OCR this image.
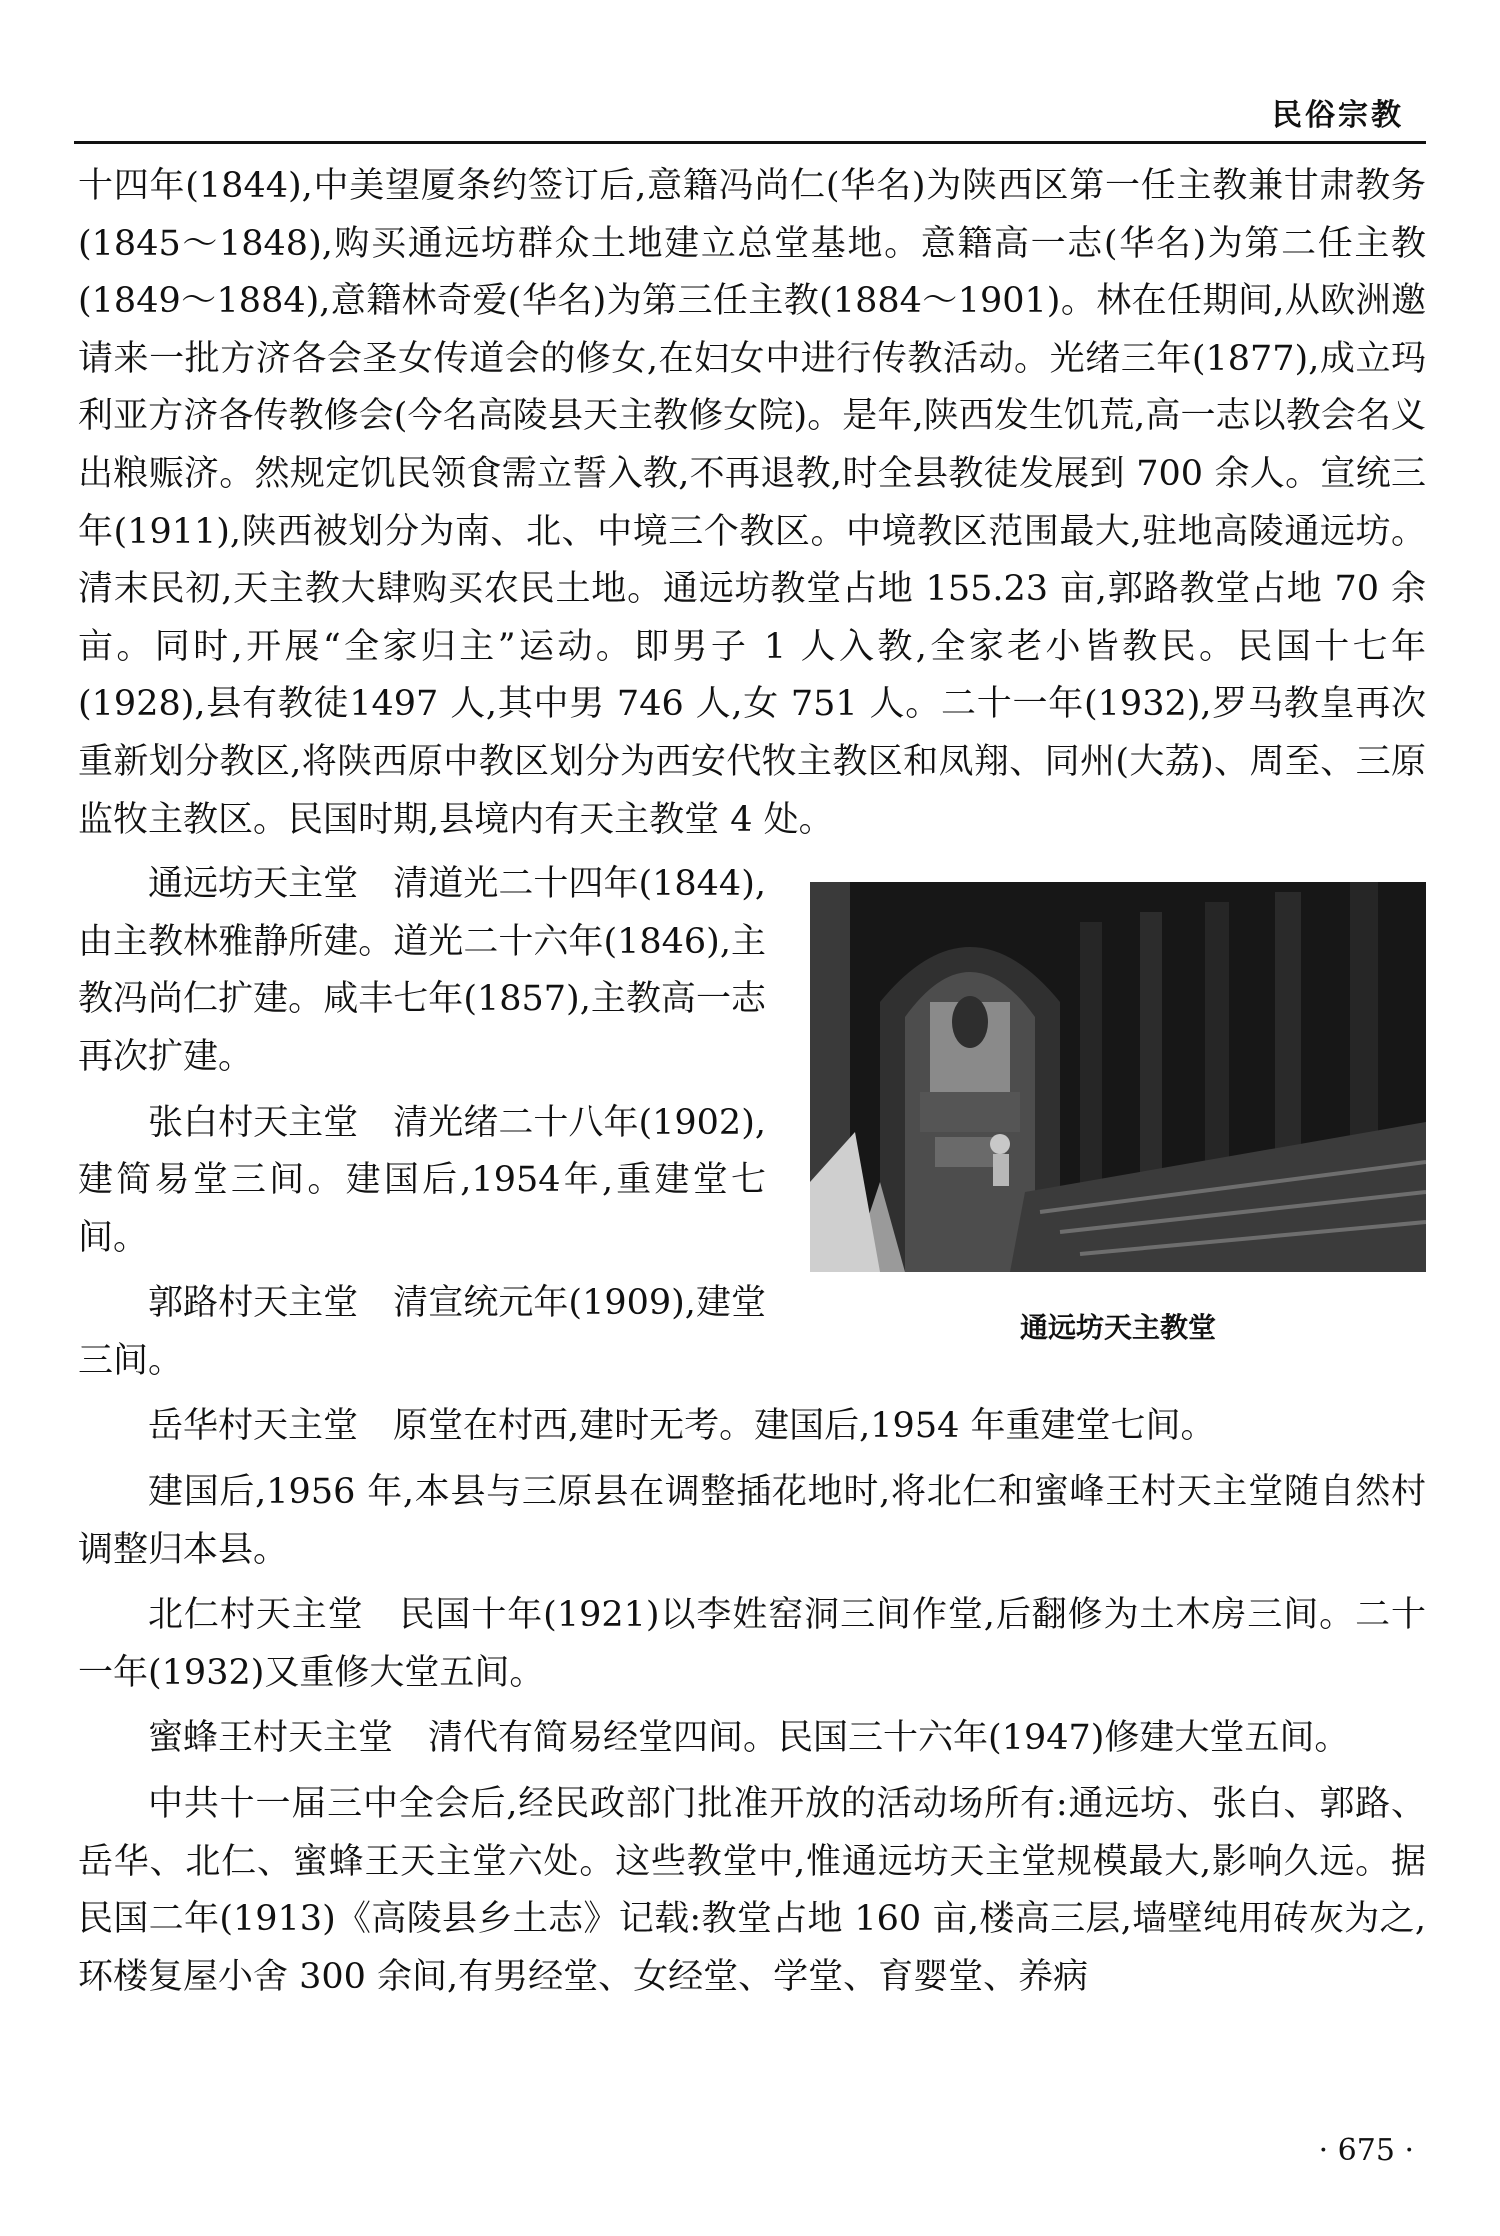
民俗宗教

十四年(1844),中美望厦条约签订后,意籍冯尚仁(华名)为陕西区第一任主教兼甘肃教务(1845～1848),购买通远坊群众土地建立总堂基地。意籍高一志(华名)为第二任主教(1849～1884),意籍林奇爱(华名)为第三任主教(1884～1901)。林在任期间,从欧洲邀请来一批方济各会圣女传道会的修女,在妇女中进行传教活动。光绪三年(1877),成立玛利亚方济各传教修会(今名高陵县天主教修女院)。是年,陕西发生饥荒,高一志以教会名义出粮赈济。然规定饥民领食需立誓入教,不再退教,时全县教徒发展到 700 余人。宣统三年(1911),陕西被划分为南、北、中境三个教区。中境教区范围最大,驻地高陵通远坊。清末民初,天主教大肆购买农民土地。通远坊教堂占地 155.23 亩,郭路教堂占地 70 余亩。同时,开展“全家归主”运动。即男子 1 人入教,全家老小皆教民。民国十七年(1928),县有教徒1497 人,其中男 746 人,女 751 人。二十一年(1932),罗马教皇再次重新划分教区,将陕西原中教区划分为西安代牧主教区和凤翔、同州(大荔)、周至、三原监牧主教区。民国时期,县境内有天主教堂 4 处。

通远坊天主教堂

通远坊天主堂　 清道光二十四年(1844),由主教林雅静所建。道光二十六年(1846),主教冯尚仁扩建。咸丰七年(1857),主教高一志再次扩建。

张白村天主堂　 清光绪二十八年(1902),建简易堂三间。建国后,1954年,重建堂七间。

郭路村天主堂　 清宣统元年(1909),建堂三间。

岳华村天主堂　 原堂在村西,建时无考。建国后,1954 年重建堂七间。

建国后,1956 年,本县与三原县在调整插花地时,将北仁和蜜峰王村天主堂随自然村调整归本县。

北仁村天主堂　 民国十年(1921)以李姓窑洞三间作堂,后翻修为土木房三间。二十一年(1932)又重修大堂五间。

蜜蜂王村天主堂　 清代有简易经堂四间。民国三十六年(1947)修建大堂五间。

中共十一届三中全会后,经民政部门批准开放的活动场所有:通远坊、张白、郭路、岳华、北仁、蜜蜂王天主堂六处。这些教堂中,惟通远坊天主堂规模最大,影响久远。据民国二年(1913)《高陵县乡土志》记载:教堂占地 160 亩,楼高三层,墙壁纯用砖灰为之,环楼复屋小舍 300 余间,有男经堂、女经堂、学堂、育婴堂、养病

· 675 ·
